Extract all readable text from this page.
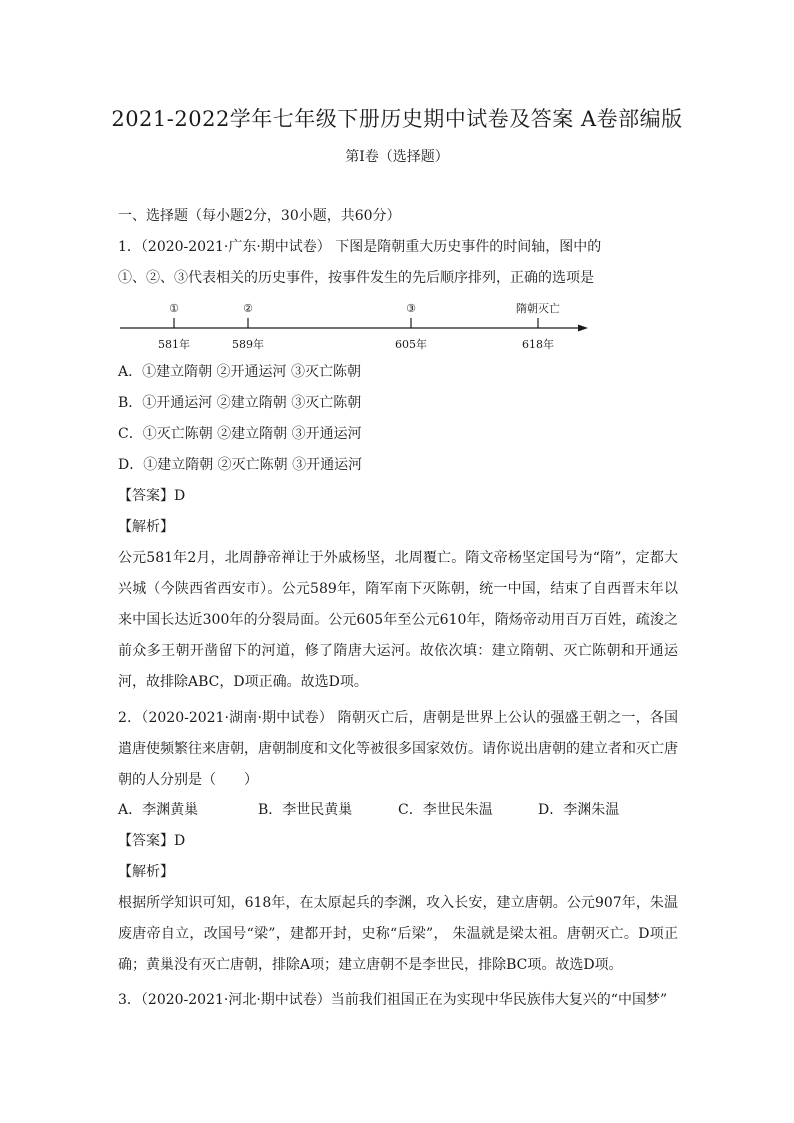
2021-2022学年七年级下册历史期中试卷及答案 A卷部编版
第Ⅰ卷（选择题）
一、选择题（每小题2分，30小题，共60分）
1．（2020-2021·广东·期中试卷） 下图是隋朝重大历史事件的时间轴，图中的
①、②、③代表相关的历史事件，按事件发生的先后顺序排列，正确的选项是
①	②	③	隋朝灭亡
581年	589年	605年	618年
A．①建立隋朝 ②开通运河 ③灭亡陈朝
B．①开通运河 ②建立隋朝 ③灭亡陈朝
C．①灭亡陈朝 ②建立隋朝 ③开通运河
D．①建立隋朝 ②灭亡陈朝 ③开通运河
【答案】D
【解析】
公元581年2月，北周静帝禅让于外戚杨坚，北周覆亡。隋文帝杨坚定国号为“隋”，定都大兴城（今陕西省西安市）。公元589年，隋军南下灭陈朝，统一中国，结束了自西晋末年以来中国长达近300年的分裂局面。公元605年至公元610年，隋炀帝动用百万百姓，疏浚之前众多王朝开凿留下的河道，修了隋唐大运河。故依次填：建立隋朝、灭亡陈朝和开通运河，故排除ABC，D项正确。故选D项。
2．（2020-2021·湖南·期中试卷） 隋朝灭亡后，唐朝是世界上公认的强盛王朝之一，各国遣唐使频繁往来唐朝，唐朝制度和文化等被很多国家效仿。请你说出唐朝的建立者和灭亡唐朝的人分别是（　　）
A．李渊黄巢	B．李世民黄巢	C．李世民朱温	D．李渊朱温
【答案】D
【解析】
根据所学知识可知，618年，在太原起兵的李渊，攻入长安，建立唐朝。公元907年，朱温废唐帝自立，改国号“梁”，建都开封，史称“后梁”， 朱温就是梁太祖。唐朝灭亡。D项正确；黄巢没有灭亡唐朝，排除A项；建立唐朝不是李世民，排除BC项。故选D项。
3．（2020-2021·河北·期中试卷）当前我们祖国正在为实现中华民族伟大复兴的“中国梦”
